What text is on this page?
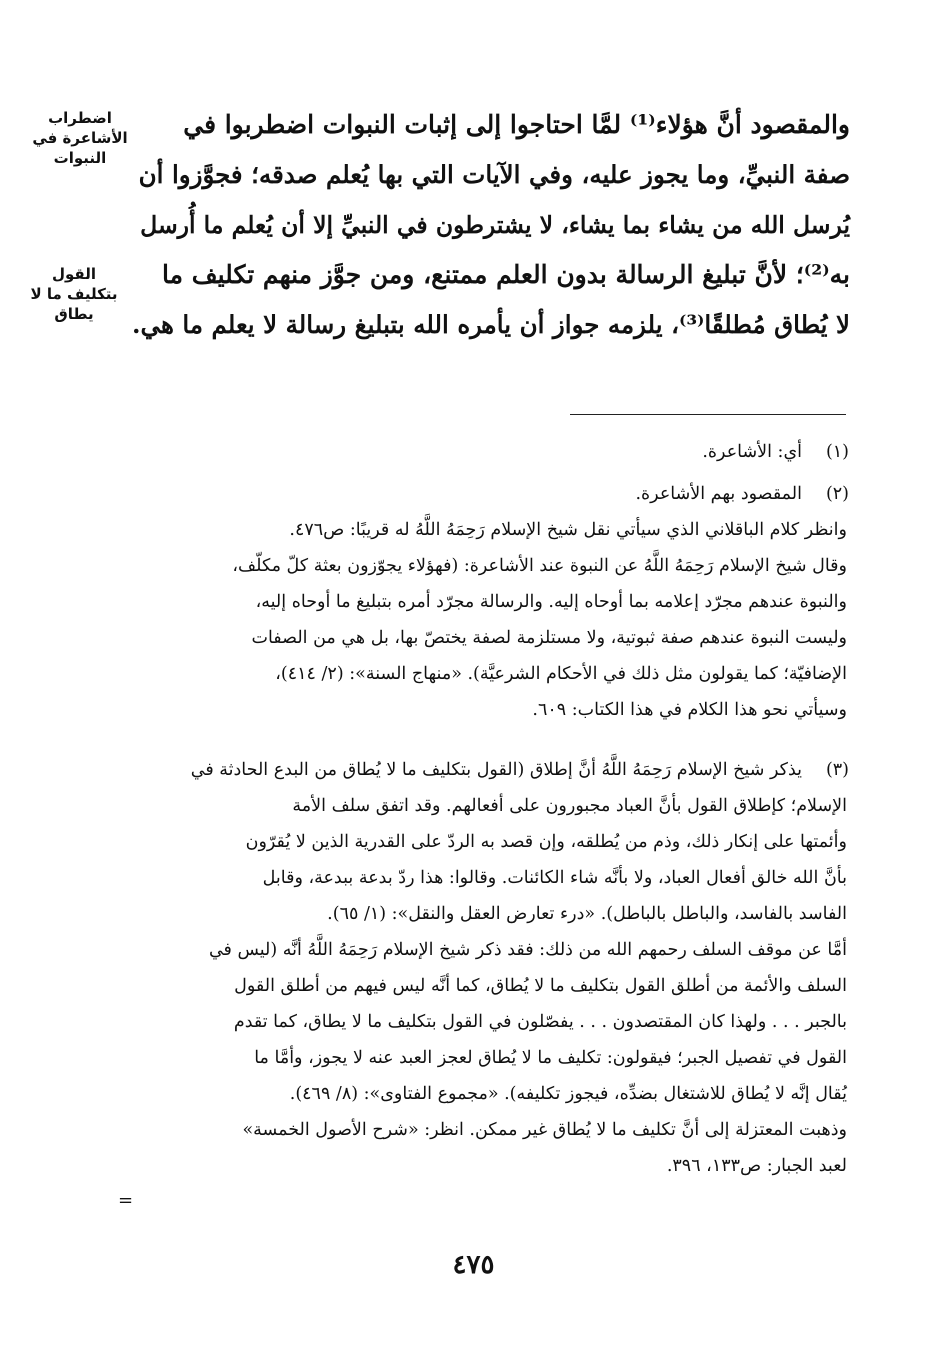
اضطراب الأشاعرة في النبوات
القول بتكليف ما لا يطاق
والمقصود أنَّ هؤلاء⁽¹⁾ لمَّا احتاجوا إلى إثبات النبوات اضطربوا في
صفة النبيِّ، وما يجوز عليه، وفي الآيات التي بها يُعلم صدقه؛ فجوَّزوا أن
يُرسل الله من يشاء بما يشاء، لا يشترطون في النبيِّ إلا أن يُعلم ما أُرسل
به⁽²⁾؛ لأنَّ تبليغ الرسالة بدون العلم ممتنع، ومن جوَّز منهم تكليف ما
لا يُطاق مُطلقًا⁽³⁾، يلزمه جواز أن يأمره الله بتبليغ رسالة لا يعلم ما هي.
(١)
(٢)
(٣)
أي: الأشاعرة.
المقصود بهم الأشاعرة.
وانظر كلام الباقلاني الذي سيأتي نقل شيخ الإسلام رَحِمَهُ اللَّهُ له قريبًا: ص٤٧٦.
وقال شيخ الإسلام رَحِمَهُ اللَّهُ عن النبوة عند الأشاعرة: (فهؤلاء يجوّزون بعثة كلّ مكلّف،
والنبوة عندهم مجرّد إعلامه بما أوحاه إليه. والرسالة مجرّد أمره بتبليغ ما أوحاه إليه،
وليست النبوة عندهم صفة ثبوتية، ولا مستلزمة لصفة يختصّ بها، بل هي من الصفات
الإضافيّة؛ كما يقولون مثل ذلك في الأحكام الشرعيَّة). «منهاج السنة»: (٢/ ٤١٤)،
وسيأتي نحو هذا الكلام في هذا الكتاب: ٦٠٩.
يذكر شيخ الإسلام رَحِمَهُ اللَّهُ أنَّ إطلاق (القول بتكليف ما لا يُطاق من البدع الحادثة في
الإسلام؛ كإطلاق القول بأنَّ العباد مجبورون على أفعالهم. وقد اتفق سلف الأمة
وأئمتها على إنكار ذلك، وذم من يُطلقه، وإن قصد به الردّ على القدرية الذين لا يُقرّون
بأنَّ الله خالق أفعال العباد، ولا بأنَّه شاء الكائنات. وقالوا: هذا ردّ بدعة ببدعة، وقابل
الفاسد بالفاسد، والباطل بالباطل). «درء تعارض العقل والنقل»: (١/ ٦٥).
أمَّا عن موقف السلف رحمهم الله من ذلك: فقد ذكر شيخ الإسلام رَحِمَهُ اللَّهُ أنَّه (ليس في
السلف والأئمة من أطلق القول بتكليف ما لا يُطاق، كما أنَّه ليس فيهم من أطلق القول
بالجبر . . . ولهذا كان المقتصدون . . . يفصّلون في القول بتكليف ما لا يطاق، كما تقدم
القول في تفصيل الجبر؛ فيقولون: تكليف ما لا يُطاق لعجز العبد عنه لا يجوز، وأمَّا ما
يُقال إنَّه لا يُطاق للاشتغال بضدِّه، فيجوز تكليفه). «مجموع الفتاوى»: (٨/ ٤٦٩).
وذهبت المعتزلة إلى أنَّ تكليف ما لا يُطاق غير ممكن. انظر: «شرح الأصول الخمسة»
لعبد الجبار: ص١٣٣، ٣٩٦.
=
٤٧٥
